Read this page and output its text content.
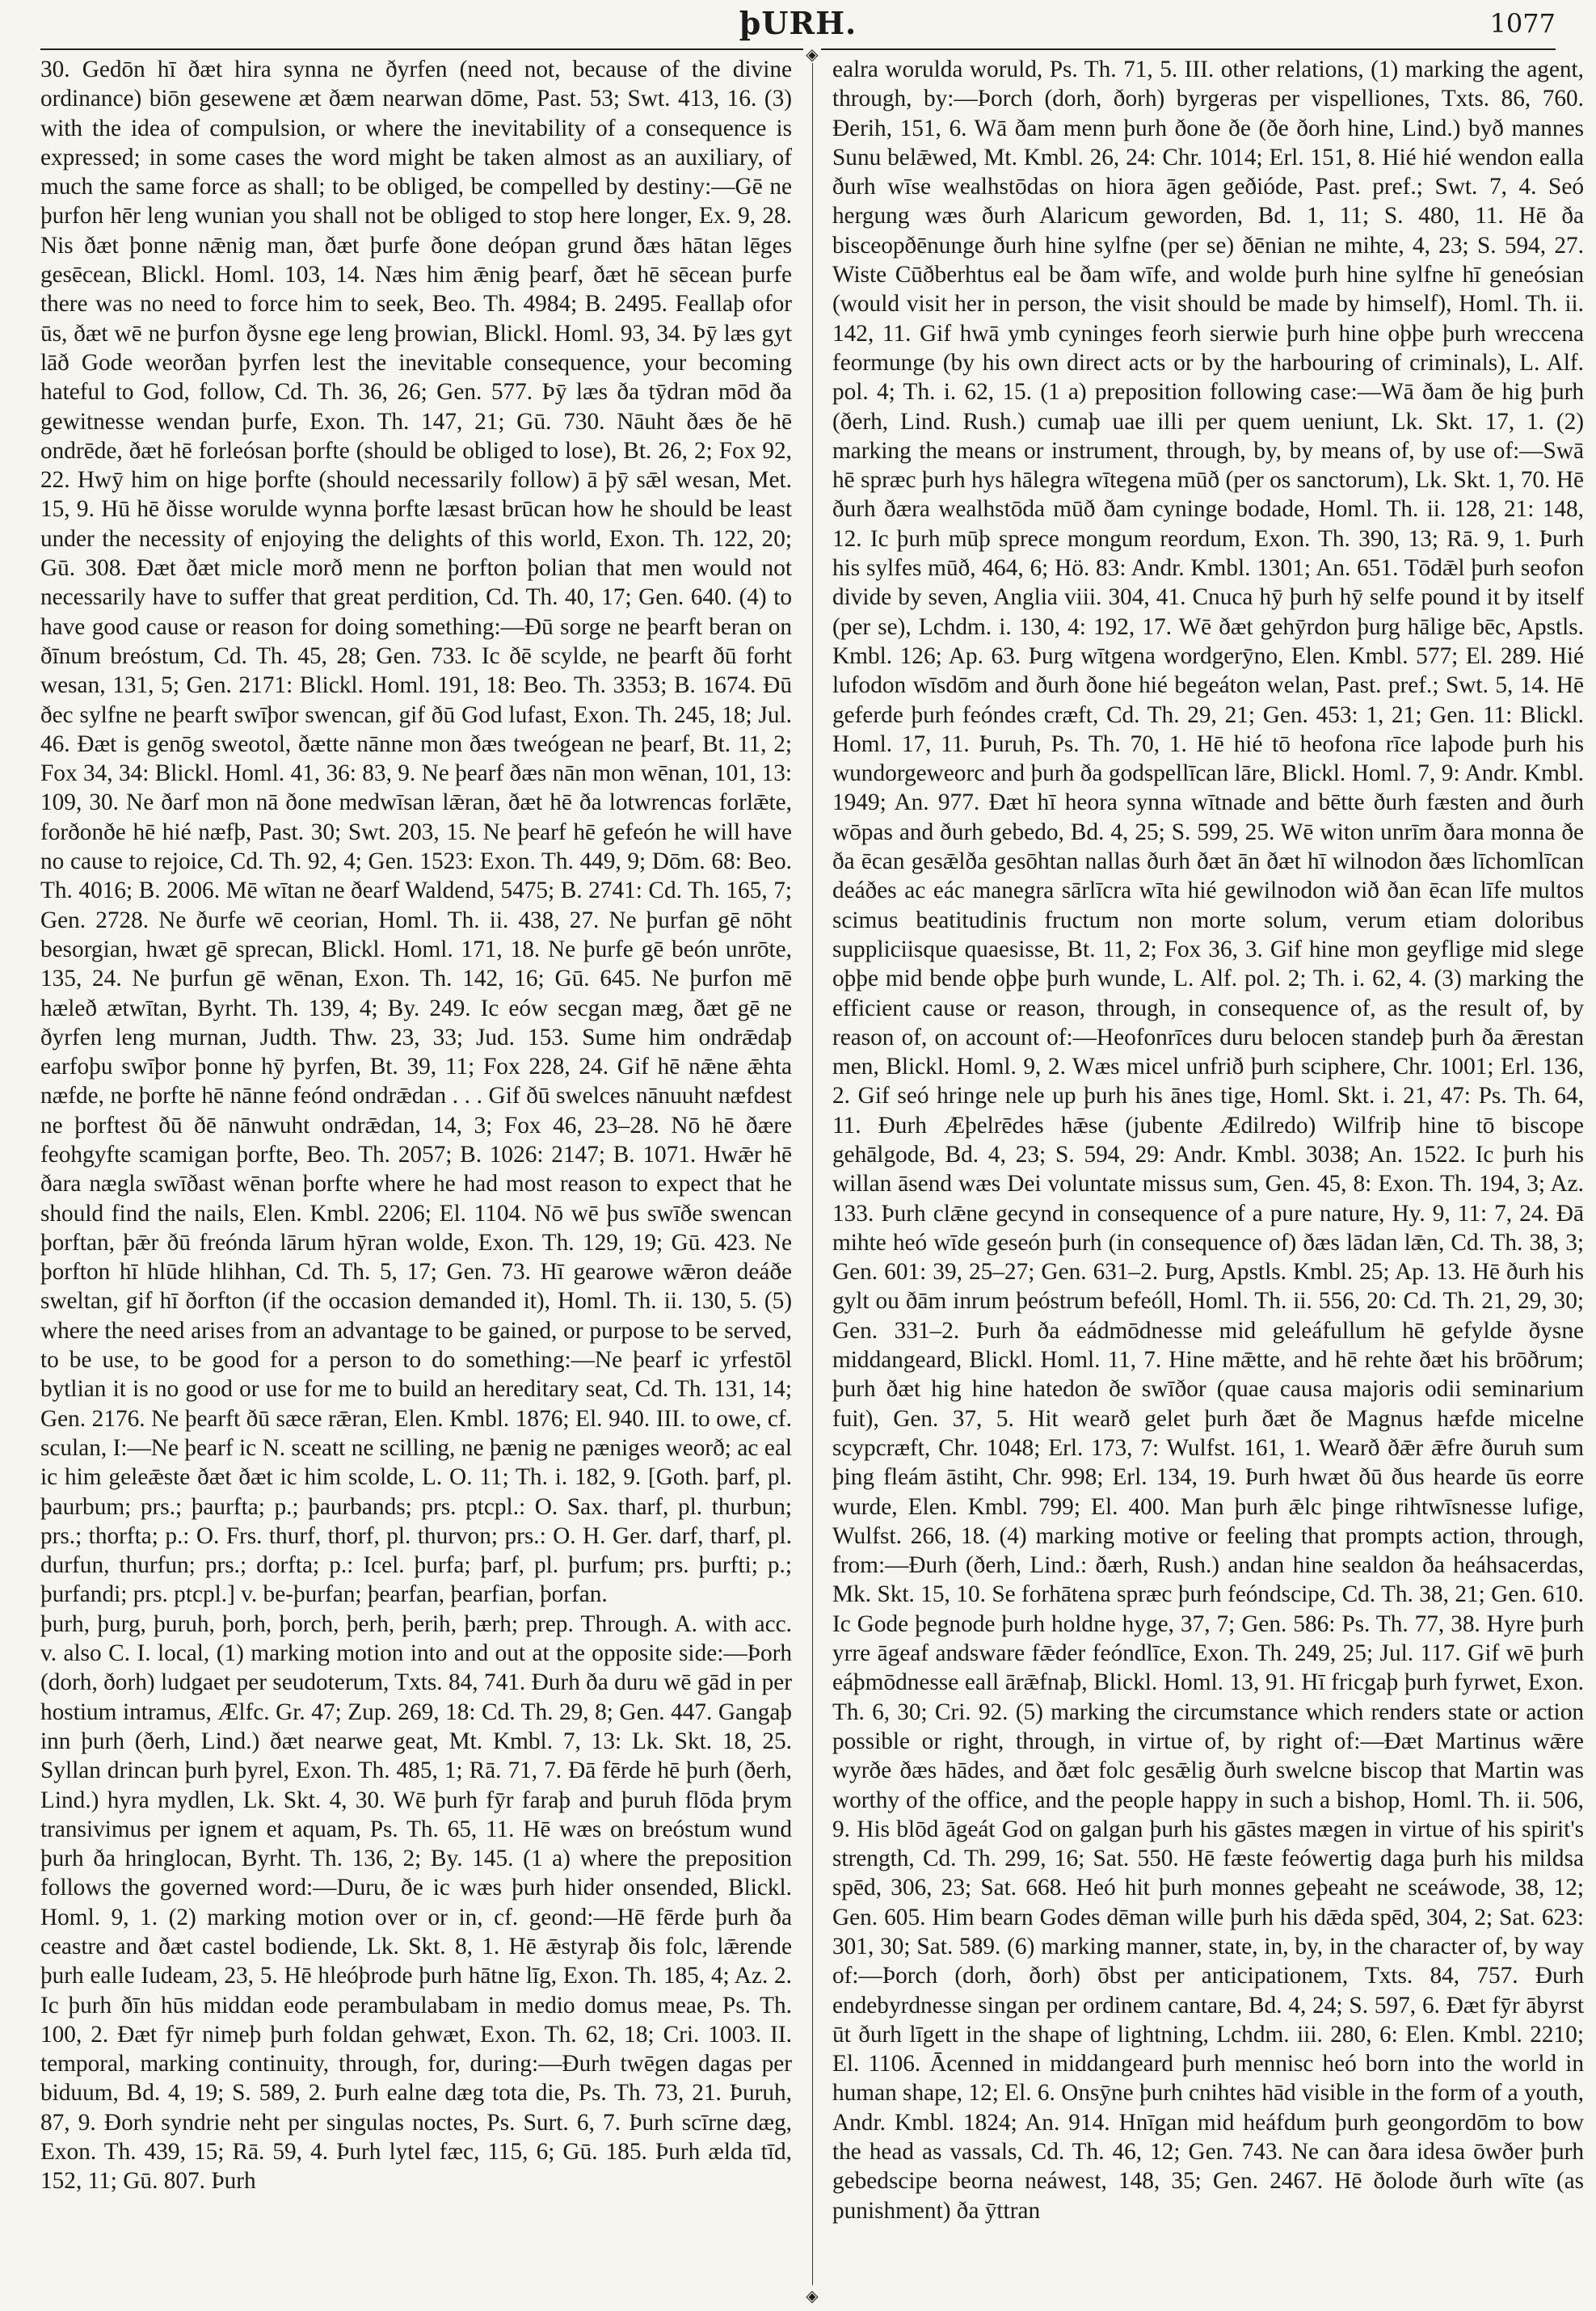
þURH.	1077

30. Gedōn hī ðæt hira synna ne ðyrfen (need not, because of the divine ordinance) biōn gesewene æt ðæm nearwan dōme, Past. 53; Swt. 413, 16. (3) with the idea of compulsion, or where the inevitability of a consequence is expressed; in some cases the word might be taken almost as an auxiliary, of much the same force as shall; to be obliged, be compelled by destiny:—Gē ne þurfon hēr leng wunian you shall not be obliged to stop here longer, Ex. 9, 28. Nis ðæt þonne nǣnig man, ðæt þurfe ðone deópan grund ðæs hātan lēges gesēcean, Blickl. Homl. 103, 14. Næs him ǣnig þearf, ðæt hē sēcean þurfe there was no need to force him to seek, Beo. Th. 4984; B. 2495. Feallaþ ofor ūs, ðæt wē ne þurfon ðysne ege leng þrowian, Blickl. Homl. 93, 34. Þȳ læs gyt lāð Gode weorðan þyrfen lest the inevitable consequence, your becoming hateful to God, follow, Cd. Th. 36, 26; Gen. 577. Þȳ læs ða tȳdran mōd ða gewitnesse wendan þurfe, Exon. Th. 147, 21; Gū. 730. Nāuht ðæs ðe hē ondrēde, ðæt hē forleósan þorfte (should be obliged to lose), Bt. 26, 2; Fox 92, 22. Hwȳ him on hige þorfte (should necessarily follow) ā þȳ sǣl wesan, Met. 15, 9. Hū hē ðisse worulde wynna þorfte læsast brūcan how he should be least under the necessity of enjoying the delights of this world, Exon. Th. 122, 20; Gū. 308. Ðæt ðæt micle morð menn ne þorfton þolian that men would not necessarily have to suffer that great perdition, Cd. Th. 40, 17; Gen. 640. (4) to have good cause or reason for doing something:—Ðū sorge ne þearft beran on ðīnum breóstum, Cd. Th. 45, 28; Gen. 733. Ic ðē scylde, ne þearft ðū forht wesan, 131, 5; Gen. 2171: Blickl. Homl. 191, 18: Beo. Th. 3353; B. 1674. Ðū ðec sylfne ne þearft swīþor swencan, gif ðū God lufast, Exon. Th. 245, 18; Jul. 46. Ðæt is genōg sweotol, ðætte nānne mon ðæs tweógean ne þearf, Bt. 11, 2; Fox 34, 34: Blickl. Homl. 41, 36: 83, 9. Ne þearf ðæs nān mon wēnan, 101, 13: 109, 30. Ne ðarf mon nā ðone medwīsan lǣran, ðæt hē ða lotwrencas forlǣte, forðonðe hē hié næfþ, Past. 30; Swt. 203, 15. Ne þearf hē gefeón he will have no cause to rejoice, Cd. Th. 92, 4; Gen. 1523: Exon. Th. 449, 9; Dōm. 68: Beo. Th. 4016; B. 2006. Mē wītan ne ðearf Waldend, 5475; B. 2741: Cd. Th. 165, 7; Gen. 2728. Ne ðurfe wē ceorian, Homl. Th. ii. 438, 27. Ne þurfan gē nōht besorgian, hwæt gē sprecan, Blickl. Homl. 171, 18. Ne þurfe gē beón unrōte, 135, 24. Ne þurfun gē wēnan, Exon. Th. 142, 16; Gū. 645. Ne þurfon mē hæleð ætwītan, Byrht. Th. 139, 4; By. 249. Ic eów secgan mæg, ðæt gē ne ðyrfen leng murnan, Judth. Thw. 23, 33; Jud. 153. Sume him ondrǣdaþ earfoþu swīþor þonne hȳ þyrfen, Bt. 39, 11; Fox 228, 24. Gif hē nǣne ǣhta næfde, ne þorfte hē nānne feónd ondrǣdan . . . Gif ðū swelces nānuuht næfdest ne þorftest ðū ðē nānwuht ondrǣdan, 14, 3; Fox 46, 23–28. Nō hē ðære feohgyfte scamigan þorfte, Beo. Th. 2057; B. 1026: 2147; B. 1071. Hwǣr hē ðara nægla swīðast wēnan þorfte where he had most reason to expect that he should find the nails, Elen. Kmbl. 2206; El. 1104. Nō wē þus swīðe swencan þorftan, þǣr ðū freónda lārum hȳran wolde, Exon. Th. 129, 19; Gū. 423. Ne þorfton hī hlūde hlihhan, Cd. Th. 5, 17; Gen. 73. Hī gearowe wǣron deáðe sweltan, gif hī ðorfton (if the occasion demanded it), Homl. Th. ii. 130, 5. (5) where the need arises from an advantage to be gained, or purpose to be served, to be use, to be good for a person to do something:—Ne þearf ic yrfestōl bytlian it is no good or use for me to build an hereditary seat, Cd. Th. 131, 14; Gen. 2176. Ne þearft ðū sæce rǣran, Elen. Kmbl. 1876; El. 940. III. to owe, cf. sculan, I:—Ne þearf ic N. sceatt ne scilling, ne þænig ne pæniges weorð; ac eal ic him geleǣste ðæt ðæt ic him scolde, L. O. 11; Th. i. 182, 9. [Goth. þarf, pl. þaurbum; prs.; þaurfta; p.; þaurbands; prs. ptcpl.: O. Sax. tharf, pl. thurbun; prs.; thorfta; p.: O. Frs. thurf, thorf, pl. thurvon; prs.: O. H. Ger. darf, tharf, pl. durfun, thurfun; prs.; dorfta; p.: Icel. þurfa; þarf, pl. þurfum; prs. þurfti; p.; þurfandi; prs. ptcpl.] v. be-þurfan; þearfan, þearfian, þorfan.

þurh, þurg, þuruh, þorh, þorch, þerh, þerih, þærh; prep. Through. A. with acc. v. also C. I. local, (1) marking motion into and out at the opposite side:—Þorh (dorh, ðorh) ludgaet per seudoterum, Txts. 84, 741. Ðurh ða duru wē gād in per hostium intramus, Ælfc. Gr. 47; Zup. 269, 18: Cd. Th. 29, 8; Gen. 447. Gangaþ inn þurh (ðerh, Lind.) ðæt nearwe geat, Mt. Kmbl. 7, 13: Lk. Skt. 18, 25. Syllan drincan þurh þyrel, Exon. Th. 485, 1; Rā. 71, 7. Ðā fērde hē þurh (ðerh, Lind.) hyra mydlen, Lk. Skt. 4, 30. Wē þurh fȳr faraþ and þuruh flōda þrym transivimus per ignem et aquam, Ps. Th. 65, 11. Hē wæs on breóstum wund þurh ða hringlocan, Byrht. Th. 136, 2; By. 145. (1 a) where the preposition follows the governed word:—Duru, ðe ic wæs þurh hider onsended, Blickl. Homl. 9, 1. (2) marking motion over or in, cf. geond:—Hē fērde þurh ða ceastre and ðæt castel bodiende, Lk. Skt. 8, 1. Hē ǣstyraþ ðis folc, lǣrende þurh ealle Iudeam, 23, 5. Hē hleóþrode þurh hātne līg, Exon. Th. 185, 4; Az. 2. Ic þurh ðīn hūs middan eode perambulabam in medio domus meae, Ps. Th. 100, 2. Ðæt fȳr nimeþ þurh foldan gehwæt, Exon. Th. 62, 18; Cri. 1003. II. temporal, marking continuity, through, for, during:—Ðurh twēgen dagas per biduum, Bd. 4, 19; S. 589, 2. Þurh ealne dæg tota die, Ps. Th. 73, 21. Þuruh, 87, 9. Ðorh syndrie neht per singulas noctes, Ps. Surt. 6, 7. Þurh scīrne dæg, Exon. Th. 439, 15; Rā. 59, 4. Þurh lytel fæc, 115, 6; Gū. 185. Þurh ælda tīd, 152, 11; Gū. 807. Þurh

◈
◈

ealra worulda woruld, Ps. Th. 71, 5. III. other relations, (1) marking the agent, through, by:—Þorch (dorh, ðorh) byrgeras per vispelliones, Txts. 86, 760. Ðerih, 151, 6. Wā ðam menn þurh ðone ðe (ðe ðorh hine, Lind.) byð mannes Sunu belǣwed, Mt. Kmbl. 26, 24: Chr. 1014; Erl. 151, 8. Hié hié wendon ealla ðurh wīse wealhstōdas on hiora āgen geðióde, Past. pref.; Swt. 7, 4. Seó hergung wæs ðurh Alaricum geworden, Bd. 1, 11; S. 480, 11. Hē ða bisceopðēnunge ðurh hine sylfne (per se) ðēnian ne mihte, 4, 23; S. 594, 27. Wiste Cūðberhtus eal be ðam wīfe, and wolde þurh hine sylfne hī geneósian (would visit her in person, the visit should be made by himself), Homl. Th. ii. 142, 11. Gif hwā ymb cyninges feorh sierwie þurh hine oþþe þurh wreccena feormunge (by his own direct acts or by the harbouring of criminals), L. Alf. pol. 4; Th. i. 62, 15. (1 a) preposition following case:—Wā ðam ðe hig þurh (ðerh, Lind. Rush.) cumaþ uae illi per quem ueniunt, Lk. Skt. 17, 1. (2) marking the means or instrument, through, by, by means of, by use of:—Swā hē spræc þurh hys hālegra wītegena mūð (per os sanctorum), Lk. Skt. 1, 70. Hē ðurh ðæra wealhstōda mūð ðam cyninge bodade, Homl. Th. ii. 128, 21: 148, 12. Ic þurh mūþ sprece mongum reordum, Exon. Th. 390, 13; Rā. 9, 1. Þurh his sylfes mūð, 464, 6; Hö. 83: Andr. Kmbl. 1301; An. 651. Tōdǣl þurh seofon divide by seven, Anglia viii. 304, 41. Cnuca hȳ þurh hȳ selfe pound it by itself (per se), Lchdm. i. 130, 4: 192, 17. Wē ðæt gehȳrdon þurg hālige bēc, Apstls. Kmbl. 126; Ap. 63. Þurg wītgena wordgerȳno, Elen. Kmbl. 577; El. 289. Hié lufodon wīsdōm and ðurh ðone hié begeáton welan, Past. pref.; Swt. 5, 14. Hē geferde þurh feóndes cræft, Cd. Th. 29, 21; Gen. 453: 1, 21; Gen. 11: Blickl. Homl. 17, 11. Þuruh, Ps. Th. 70, 1. Hē hié tō heofona rīce laþode þurh his wundorgeweorc and þurh ða godspellīcan lāre, Blickl. Homl. 7, 9: Andr. Kmbl. 1949; An. 977. Ðæt hī heora synna wītnade and bētte ðurh fæsten and ðurh wōpas and ðurh gebedo, Bd. 4, 25; S. 599, 25. Wē witon unrīm ðara monna ðe ða ēcan gesǣlða gesōhtan nallas ðurh ðæt ān ðæt hī wilnodon ðæs līchomlīcan deáðes ac eác manegra sārlīcra wīta hié gewilnodon wið ðan ēcan līfe multos scimus beatitudinis fructum non morte solum, verum etiam doloribus suppliciisque quaesisse, Bt. 11, 2; Fox 36, 3. Gif hine mon geyflige mid slege oþþe mid bende oþþe þurh wunde, L. Alf. pol. 2; Th. i. 62, 4. (3) marking the efficient cause or reason, through, in consequence of, as the result of, by reason of, on account of:—Heofonrīces duru belocen standeþ þurh ða ǣrestan men, Blickl. Homl. 9, 2. Wæs micel unfrið þurh sciphere, Chr. 1001; Erl. 136, 2. Gif seó hringe nele up þurh his ānes tige, Homl. Skt. i. 21, 47: Ps. Th. 64, 11. Ðurh Æþelrēdes hǣse (jubente Ædilredo) Wilfriþ hine tō biscope gehālgode, Bd. 4, 23; S. 594, 29: Andr. Kmbl. 3038; An. 1522. Ic þurh his willan āsend wæs Dei voluntate missus sum, Gen. 45, 8: Exon. Th. 194, 3; Az. 133. Þurh clǣne gecynd in consequence of a pure nature, Hy. 9, 11: 7, 24. Ðā mihte heó wīde geseón þurh (in consequence of) ðæs lādan lǣn, Cd. Th. 38, 3; Gen. 601: 39, 25–27; Gen. 631–2. Þurg, Apstls. Kmbl. 25; Ap. 13. Hē ðurh his gylt ou ðām inrum þeóstrum befeóll, Homl. Th. ii. 556, 20: Cd. Th. 21, 29, 30; Gen. 331–2. Þurh ða eádmōdnesse mid geleáfullum hē gefylde ðysne middangeard, Blickl. Homl. 11, 7. Hine mǣtte, and hē rehte ðæt his brōðrum; þurh ðæt hig hine hatedon ðe swīðor (quae causa majoris odii seminarium fuit), Gen. 37, 5. Hit wearð gelet þurh ðæt ðe Magnus hæfde micelne scypcræft, Chr. 1048; Erl. 173, 7: Wulfst. 161, 1. Wearð ðǣr ǣfre ðuruh sum þing fleám āstiht, Chr. 998; Erl. 134, 19. Þurh hwæt ðū ðus hearde ūs eorre wurde, Elen. Kmbl. 799; El. 400. Man þurh ǣlc þinge rihtwīsnesse lufige, Wulfst. 266, 18. (4) marking motive or feeling that prompts action, through, from:—Ðurh (ðerh, Lind.: ðærh, Rush.) andan hine sealdon ða heáhsacerdas, Mk. Skt. 15, 10. Se forhātena spræc þurh feóndscipe, Cd. Th. 38, 21; Gen. 610. Ic Gode þegnode þurh holdne hyge, 37, 7; Gen. 586: Ps. Th. 77, 38. Hyre þurh yrre āgeaf andsware fǣder feóndlīce, Exon. Th. 249, 25; Jul. 117. Gif wē þurh eáþmōdnesse eall ārǣfnaþ, Blickl. Homl. 13, 91. Hī fricgaþ þurh fyrwet, Exon. Th. 6, 30; Cri. 92. (5) marking the circumstance which renders state or action possible or right, through, in virtue of, by right of:—Ðæt Martinus wǣre wyrðe ðæs hādes, and ðæt folc gesǣlig ðurh swelcne biscop that Martin was worthy of the office, and the people happy in such a bishop, Homl. Th. ii. 506, 9. His blōd āgeát God on galgan þurh his gāstes mægen in virtue of his spirit's strength, Cd. Th. 299, 16; Sat. 550. Hē fæste feówertig daga þurh his mildsa spēd, 306, 23; Sat. 668. Heó hit þurh monnes geþeaht ne sceáwode, 38, 12; Gen. 605. Him bearn Godes dēman wille þurh his dǣda spēd, 304, 2; Sat. 623: 301, 30; Sat. 589. (6) marking manner, state, in, by, in the character of, by way of:—Þorch (dorh, ðorh) ōbst per anticipationem, Txts. 84, 757. Ðurh endebyrdnesse singan per ordinem cantare, Bd. 4, 24; S. 597, 6. Ðæt fȳr ābyrst ūt ðurh līgett in the shape of lightning, Lchdm. iii. 280, 6: Elen. Kmbl. 2210; El. 1106. Ācenned in middangeard þurh mennisc heó born into the world in human shape, 12; El. 6. Onsȳne þurh cnihtes hād visible in the form of a youth, Andr. Kmbl. 1824; An. 914. Hnīgan mid heáfdum þurh geongordōm to bow the head as vassals, Cd. Th. 46, 12; Gen. 743. Ne can ðara idesa ōwðer þurh gebedscipe beorna neáwest, 148, 35; Gen. 2467. Hē ðolode ðurh wīte (as punishment) ða ȳttran
